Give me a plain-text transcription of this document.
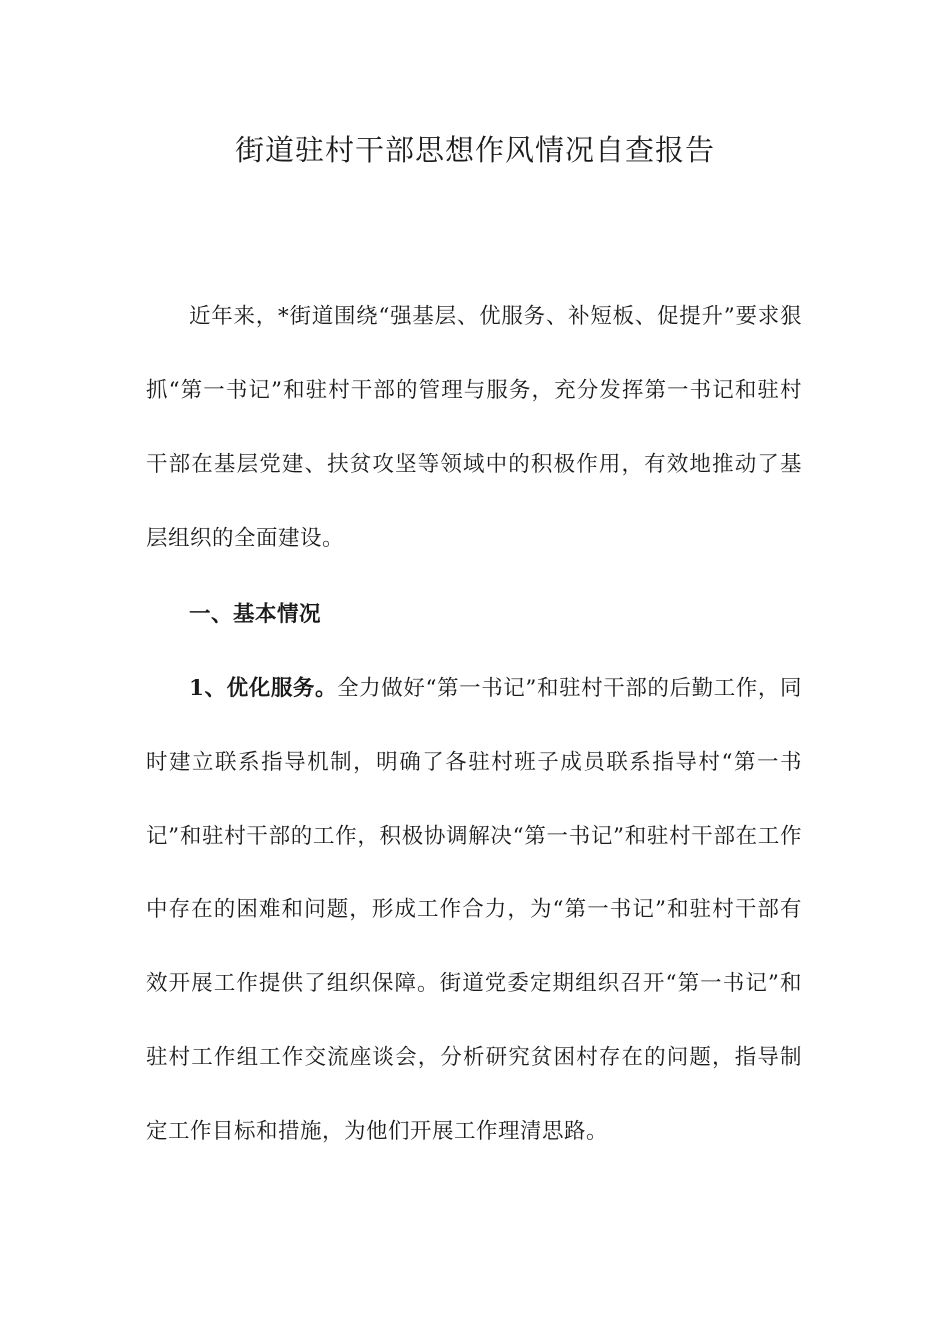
街道驻村干部思想作风情况自查报告

近年来，*街道围绕“强基层、优服务、补短板、促提升”要求狠抓“第一书记”和驻村干部的管理与服务，充分发挥第一书记和驻村干部在基层党建、扶贫攻坚等领域中的积极作用，有效地推动了基层组织的全面建设。

一、基本情况

1、优化服务。全力做好“第一书记”和驻村干部的后勤工作，同时建立联系指导机制，明确了各驻村班子成员联系指导村“第一书记”和驻村干部的工作，积极协调解决“第一书记”和驻村干部在工作中存在的困难和问题，形成工作合力，为“第一书记”和驻村干部有效开展工作提供了组织保障。街道党委定期组织召开“第一书记”和驻村工作组工作交流座谈会，分析研究贫困村存在的问题，指导制定工作目标和措施，为他们开展工作理清思路。
